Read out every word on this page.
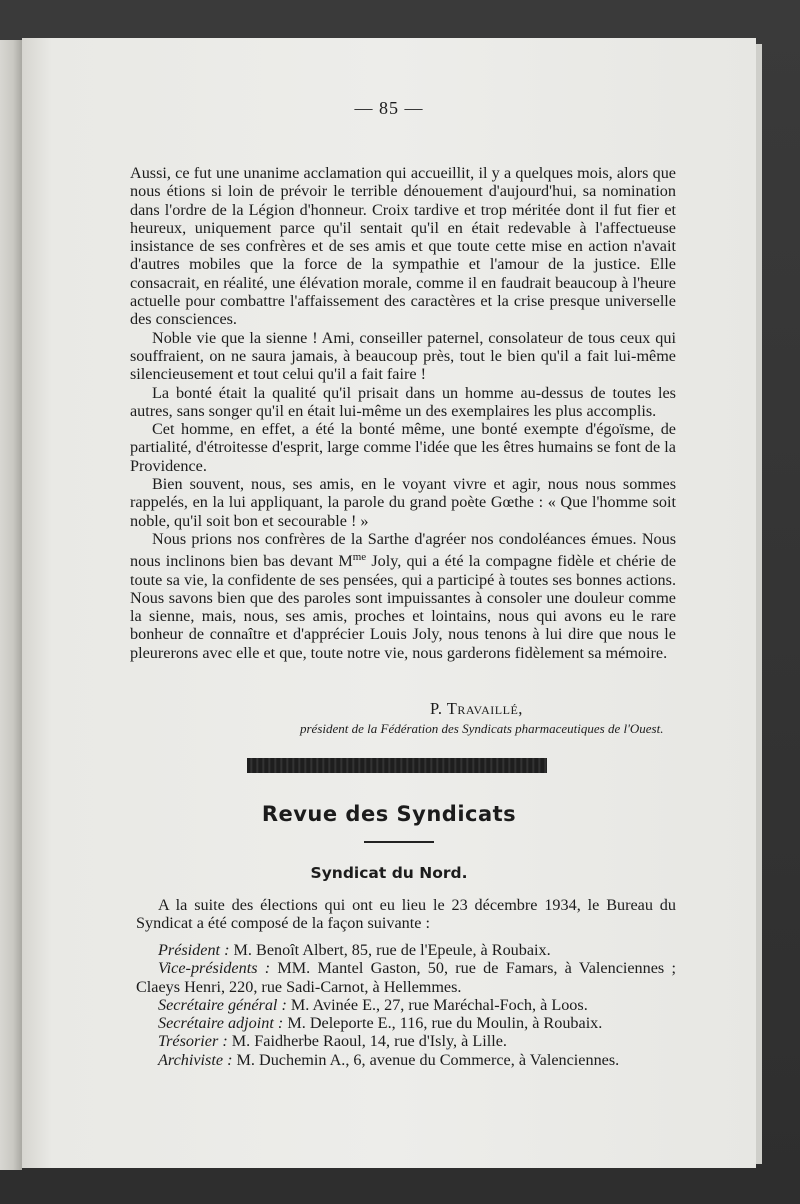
— 85 —

Aussi, ce fut une unanime acclamation qui accueillit, il y a quelques mois, alors que nous étions si loin de prévoir le terrible dénouement d'aujourd'hui, sa nomination dans l'ordre de la Légion d'honneur. Croix tardive et trop méritée dont il fut fier et heureux, uniquement parce qu'il sentait qu'il en était redevable à l'affectueuse insistance de ses confrères et de ses amis et que toute cette mise en action n'avait d'autres mobiles que la force de la sympathie et l'amour de la justice. Elle consacrait, en réalité, une élévation morale, comme il en faudrait beaucoup à l'heure actuelle pour combattre l'affaissement des caractères et la crise presque universelle des consciences.

Noble vie que la sienne ! Ami, conseiller paternel, consolateur de tous ceux qui souffraient, on ne saura jamais, à beaucoup près, tout le bien qu'il a fait lui-même silencieusement et tout celui qu'il a fait faire !

La bonté était la qualité qu'il prisait dans un homme au-dessus de toutes les autres, sans songer qu'il en était lui-même un des exemplaires les plus accomplis.

Cet homme, en effet, a été la bonté même, une bonté exempte d'égoïsme, de partialité, d'étroitesse d'esprit, large comme l'idée que les êtres humains se font de la Providence.

Bien souvent, nous, ses amis, en le voyant vivre et agir, nous nous sommes rappelés, en la lui appliquant, la parole du grand poète Gœthe : « Que l'homme soit noble, qu'il soit bon et secourable ! »

Nous prions nos confrères de la Sarthe d'agréer nos condoléances émues. Nous nous inclinons bien bas devant $M^{me}$ Joly, qui a été la compagne fidèle et chérie de toute sa vie, la confidente de ses pensées, qui a participé à toutes ses bonnes actions. Nous savons bien que des paroles sont impuissantes à consoler une douleur comme la sienne, mais, nous, ses amis, proches et lointains, nous qui avons eu le rare bonheur de connaître et d'apprécier Louis Joly, nous tenons à lui dire que nous le pleurerons avec elle et que, toute notre vie, nous garderons fidèlement sa mémoire.

P. Travaillé,
président de la Fédération des Syndicats pharmaceutiques de l'Ouest.
Revue des Syndicats
Syndicat du Nord.

A la suite des élections qui ont eu lieu le 23 décembre 1934, le Bureau du Syndicat a été composé de la façon suivante :

Président : M. Benoît Albert, 85, rue de l'Epeule, à Roubaix.
Vice-présidents : MM. Mantel Gaston, 50, rue de Famars, à Valenciennes ; Claeys Henri, 220, rue Sadi-Carnot, à Hellemmes.
Secrétaire général : M. Avinée E., 27, rue Maréchal-Foch, à Loos.
Secrétaire adjoint : M. Deleporte E., 116, rue du Moulin, à Roubaix.
Trésorier : M. Faidherbe Raoul, 14, rue d'Isly, à Lille.
Archiviste : M. Duchemin A., 6, avenue du Commerce, à Valenciennes.
